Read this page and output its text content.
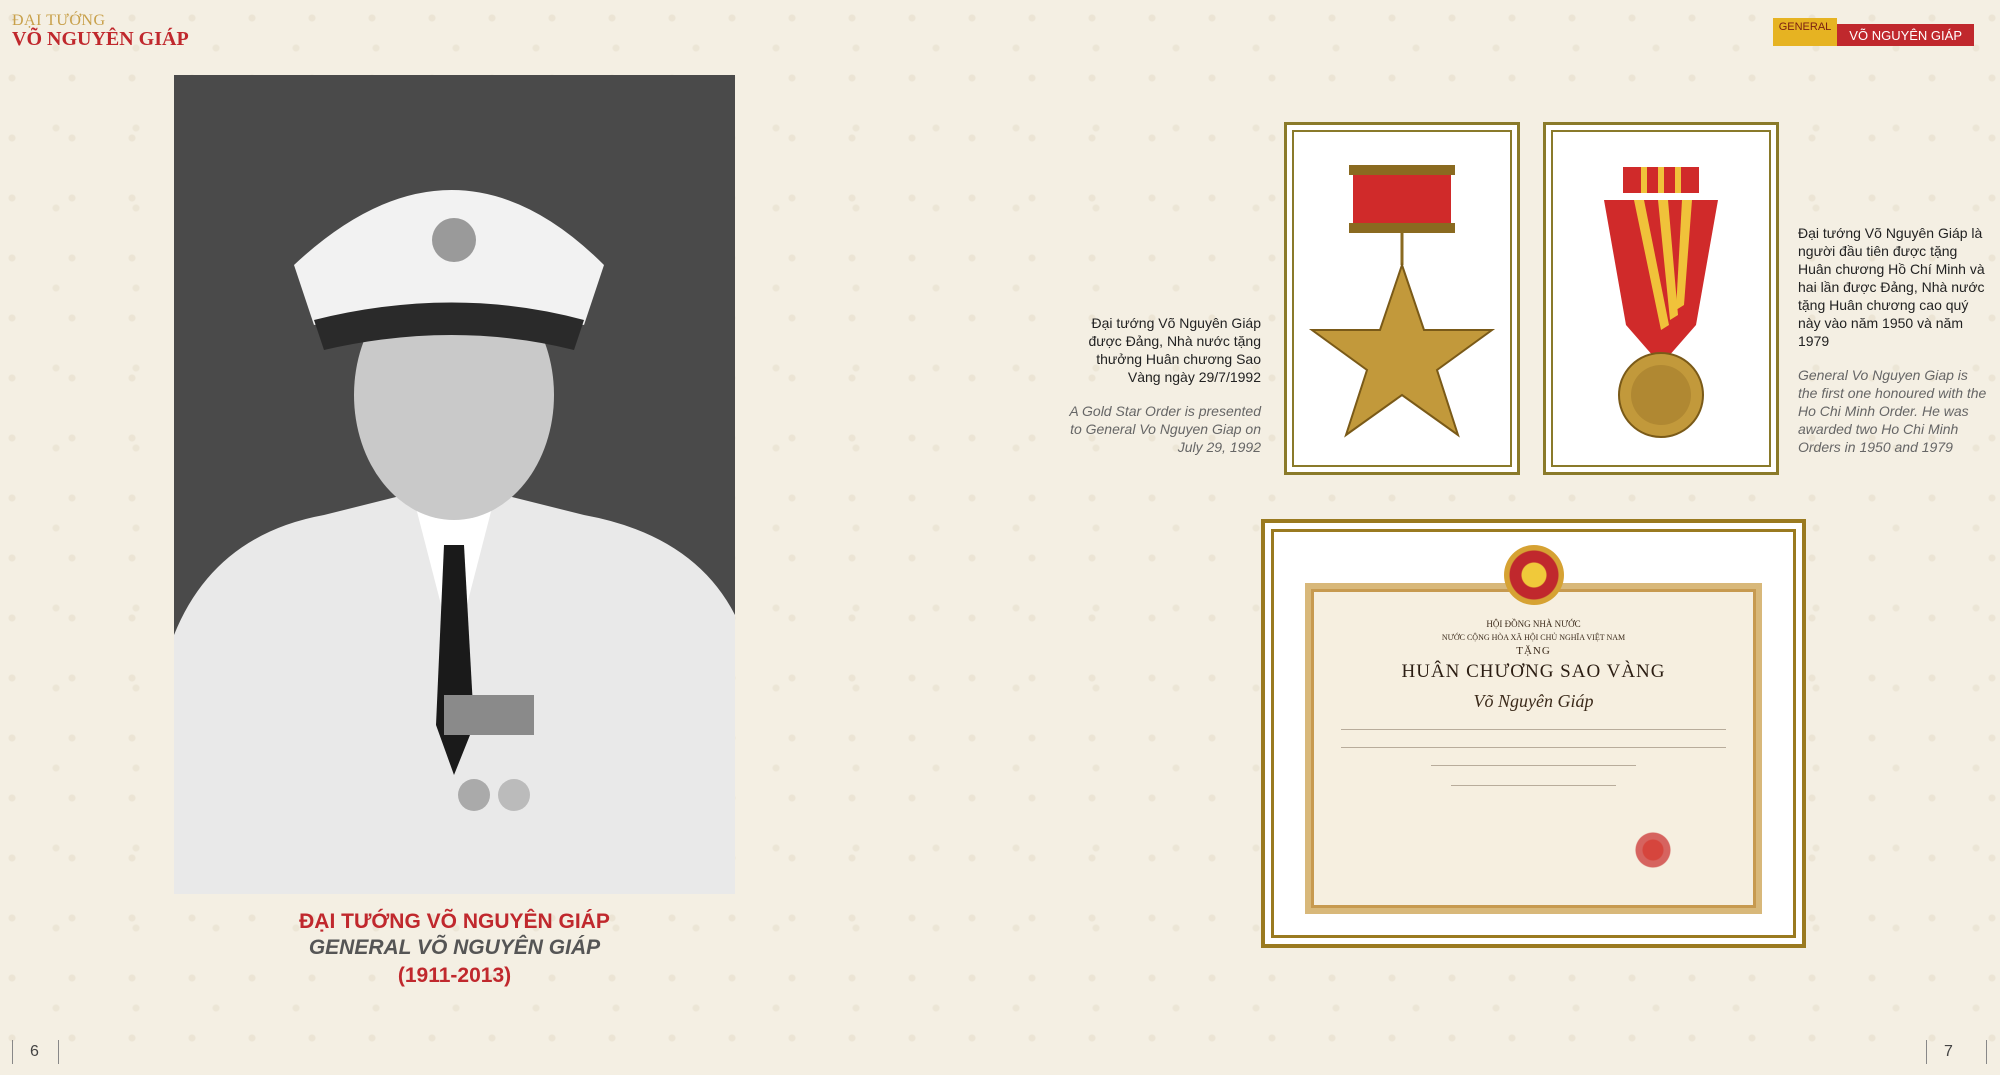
ĐẠI TƯỚNG
VÕ NGUYÊN GIÁP
GENERAL
VÕ NGUYÊN GIÁP
ĐẠI TƯỚNG VÕ NGUYÊN GIÁP
GENERAL VÕ NGUYÊN GIÁP
(1911-2013)
Đại tướng Võ Nguyên Giáp được Đảng, Nhà nước tặng thưởng Huân chương Sao Vàng ngày 29/7/1992
A Gold Star Order is presented to General Vo Nguyen Giap on July 29, 1992
Đại tướng Võ Nguyên Giáp là người đầu tiên được tặng Huân chương Hồ Chí Minh và hai lần được Đảng, Nhà nước tặng Huân chương cao quý này vào năm 1950 và năm 1979
General Vo Nguyen Giap is the first one honoured with the Ho Chi Minh Order. He was awarded two Ho Chi Minh Orders in 1950 and 1979
HỘI ĐỒNG NHÀ NƯỚC
NƯỚC CỘNG HÒA XÃ HỘI CHỦ NGHĨA VIỆT NAM
TẶNG
HUÂN CHƯƠNG SAO VÀNG
Võ Nguyên Giáp
6	7
